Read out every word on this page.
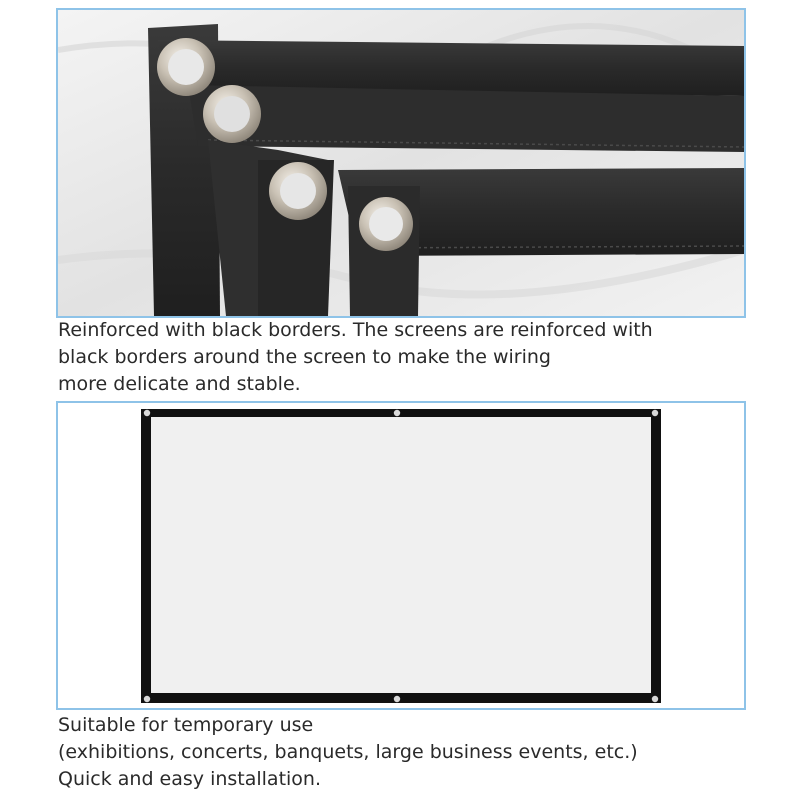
Reinforced with black borders. The screens are reinforced with
black borders around the screen to make the wiring
more delicate and stable.
Suitable for temporary use
(exhibitions, concerts, banquets, large business events, etc.)
Quick and easy installation.
